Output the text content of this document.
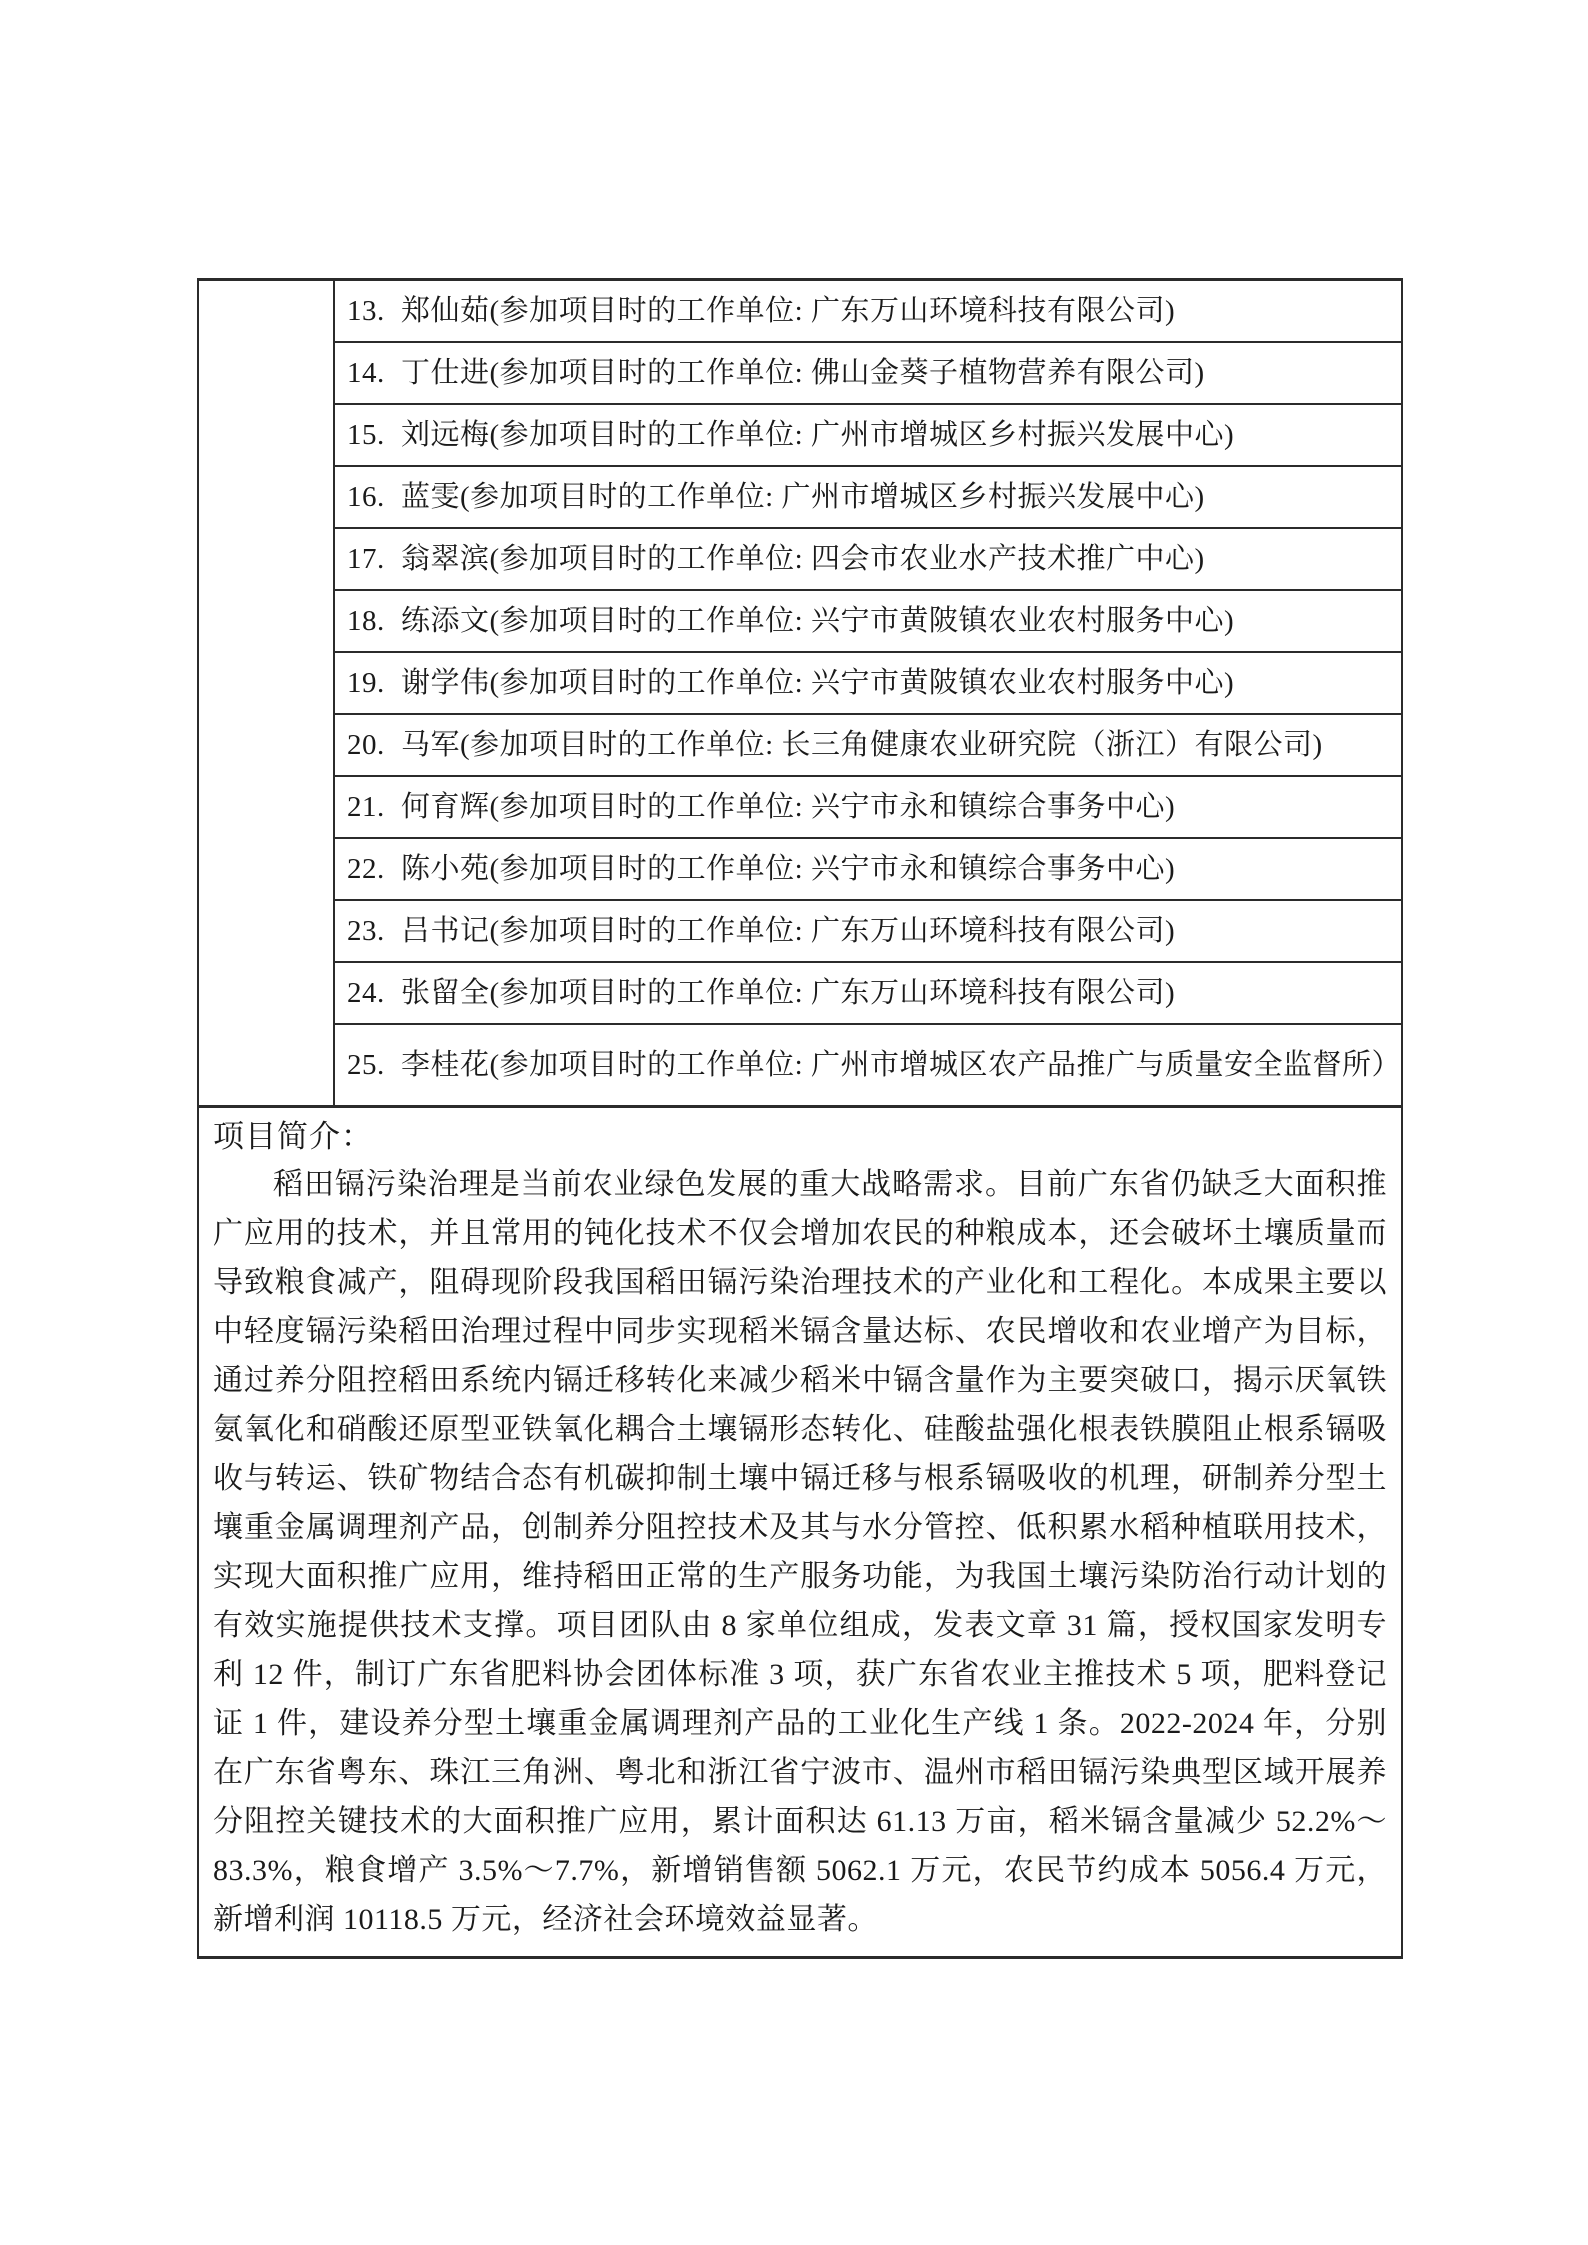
13. 郑仙茹(参加项目时的工作单位: 广东万山环境科技有限公司)
14. 丁仕进(参加项目时的工作单位: 佛山金葵子植物营养有限公司)
15. 刘远梅(参加项目时的工作单位: 广州市增城区乡村振兴发展中心)
16. 蓝雯(参加项目时的工作单位: 广州市增城区乡村振兴发展中心)
17. 翁翠滨(参加项目时的工作单位: 四会市农业水产技术推广中心)
18. 练添文(参加项目时的工作单位: 兴宁市黄陂镇农业农村服务中心)
19. 谢学伟(参加项目时的工作单位: 兴宁市黄陂镇农业农村服务中心)
20. 马军(参加项目时的工作单位: 长三角健康农业研究院（浙江）有限公司)
21. 何育辉(参加项目时的工作单位: 兴宁市永和镇综合事务中心)
22. 陈小苑(参加项目时的工作单位: 兴宁市永和镇综合事务中心)
23. 吕书记(参加项目时的工作单位: 广东万山环境科技有限公司)
24. 张留全(参加项目时的工作单位: 广东万山环境科技有限公司)
25. 李桂花(参加项目时的工作单位: 广州市增城区农产品推广与质量安全监督所）
项目简介：
稻田镉污染治理是当前农业绿色发展的重大战略需求。目前广东省仍缺乏大面积推广应用的技术，并且常用的钝化技术不仅会增加农民的种粮成本，还会破坏土壤质量而导致粮食减产，阻碍现阶段我国稻田镉污染治理技术的产业化和工程化。本成果主要以中轻度镉污染稻田治理过程中同步实现稻米镉含量达标、农民增收和农业增产为目标，通过养分阻控稻田系统内镉迁移转化来减少稻米中镉含量作为主要突破口，揭示厌氧铁氨氧化和硝酸还原型亚铁氧化耦合土壤镉形态转化、硅酸盐强化根表铁膜阻止根系镉吸收与转运、铁矿物结合态有机碳抑制土壤中镉迁移与根系镉吸收的机理，研制养分型土壤重金属调理剂产品，创制养分阻控技术及其与水分管控、低积累水稻种植联用技术，实现大面积推广应用，维持稻田正常的生产服务功能，为我国土壤污染防治行动计划的有效实施提供技术支撑。项目团队由 8 家单位组成，发表文章 31 篇，授权国家发明专利 12 件，制订广东省肥料协会团体标准 3 项，获广东省农业主推技术 5 项，肥料登记证 1 件，建设养分型土壤重金属调理剂产品的工业化生产线 1 条。2022-2024 年，分别在广东省粤东、珠江三角洲、粤北和浙江省宁波市、温州市稻田镉污染典型区域开展养分阻控关键技术的大面积推广应用，累计面积达 61.13 万亩，稻米镉含量减少 52.2%～83.3%，粮食增产 3.5%～7.7%，新增销售额 5062.1 万元，农民节约成本 5056.4 万元，新增利润 10118.5 万元，经济社会环境效益显著。
